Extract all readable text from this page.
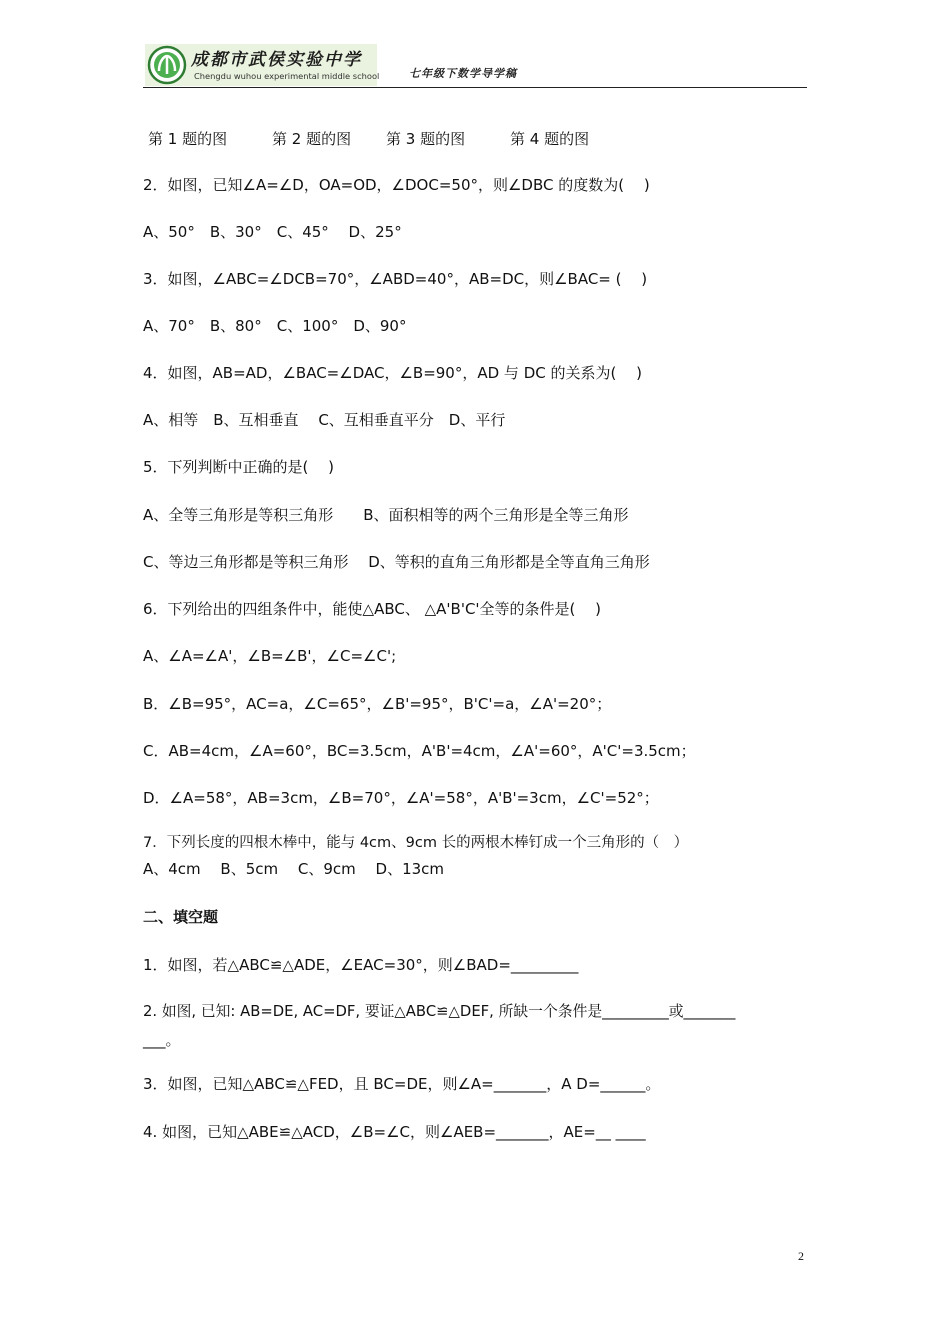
成都市武侯实验中学
Chengdu wuhou experimental middle school	七年级下数学导学稿
第 1 题的图	第 2 题的图 第 3 题的图	第 4 题的图
2．如图，已知∠A=∠D，OA=OD，∠DOC=50°，则∠DBC 的度数为(　 )
A、50°　B、30°　C、45°　 D、25°
3．如图，∠ABC=∠DCB=70°，∠ABD=40°，AB=DC，则∠BAC= (　 )
A、70°　B、80°　C、100°　D、90°
4．如图，AB=AD，∠BAC=∠DAC，∠B=90°，AD 与 DC 的关系为(　 )
A、相等　B、互相垂直　 C、互相垂直平分　D、平行
5．下列判断中正确的是(　 )
A、全等三角形是等积三角形　　B、面积相等的两个三角形是全等三角形
C、等边三角形都是等积三角形　 D、等积的直角三角形都是全等直角三角形
6．下列给出的四组条件中，能使△ABC、 △A'B'C'全等的条件是(　 )
A、∠A=∠A'，∠B=∠B'，∠C=∠C';
B．∠B=95°，AC=a，∠C=65°，∠B'=95°，B'C'=a，∠A'=20°；
C．AB=4cm，∠A=60°，BC=3.5cm，A'B'=4cm，∠A'=60°，A'C'=3.5cm；
D．∠A=58°，AB=3cm，∠B=70°，∠A'=58°，A'B'=3cm，∠C'=52°；
7．下列长度的四根木棒中，能与 4cm、9cm 长的两根木棒钉成一个三角形的（　）
A、4cm　 B、5cm　 C、9cm　 D、13cm
二、填空题
1．如图，若△ABC≌△ADE，∠EAC=30°，则∠BAD=_________
2. 如图, 已知: AB=DE, AC=DF, 要证△ABC≌△DEF, 所缺一个条件是_________或_______
___。
3．如图，已知△ABC≌△FED，且 BC=DE，则∠A=_______，A D=______。
4. 如图，已知△ABE≌△ACD，∠B=∠C，则∠AEB=_______，AE=__ ____
2
